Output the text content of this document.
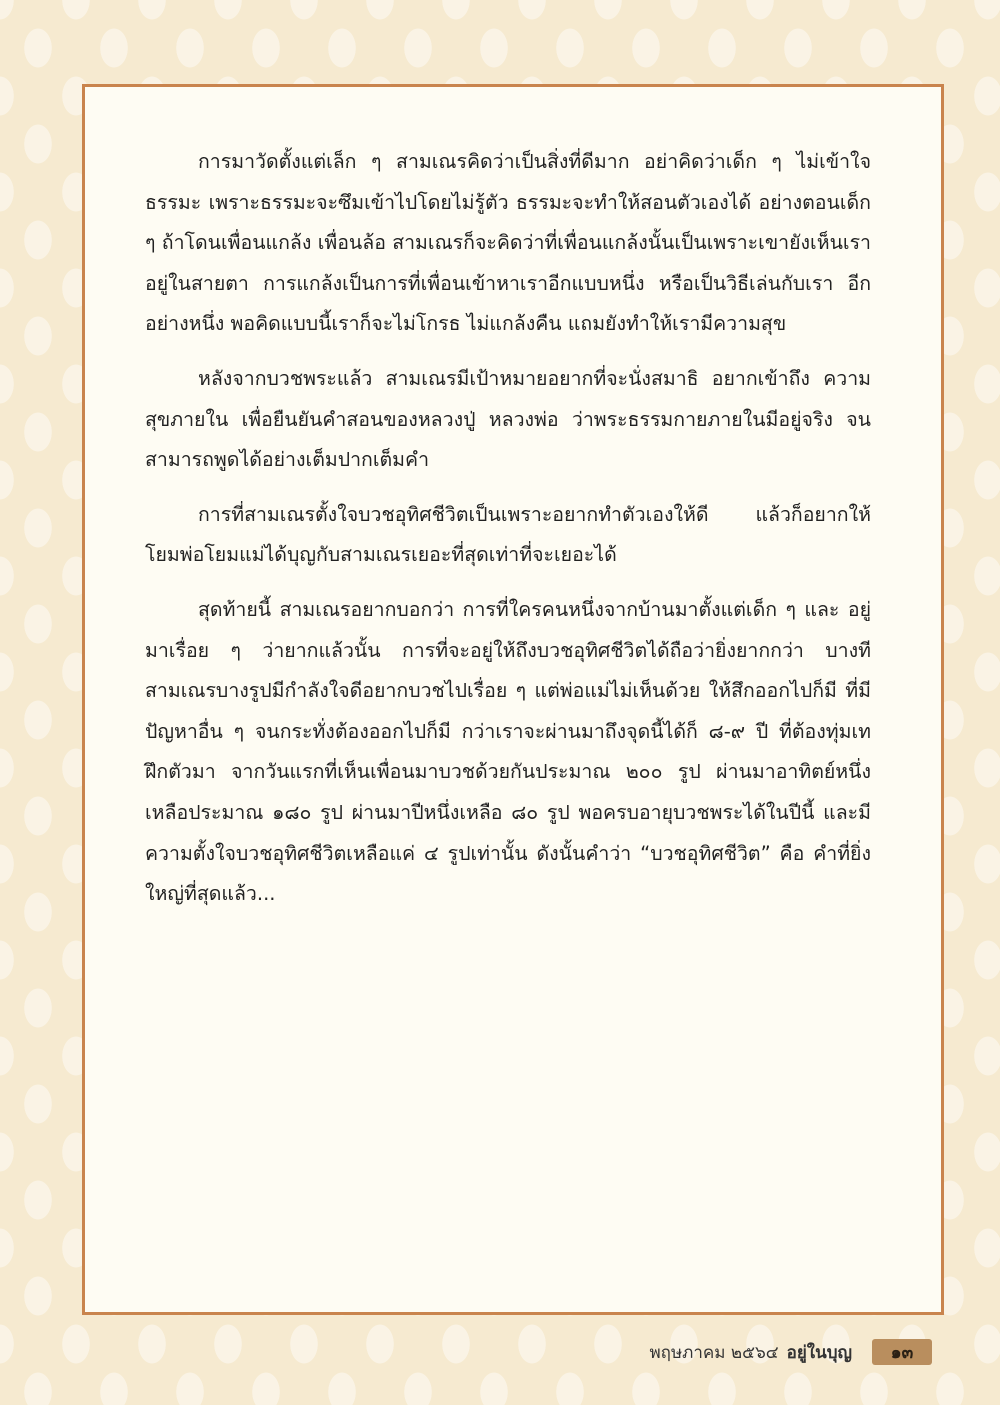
การมาวัดตั้งแต่เล็ก ๆ สามเณรคิดว่าเป็นสิ่งที่ดีมาก อย่าคิดว่าเด็ก ๆ ไม่เข้าใจธรรมะ เพราะธรรมะจะซึมเข้าไปโดยไม่รู้ตัว ธรรมะจะทำให้สอนตัวเองได้ อย่างตอนเด็ก ๆ ถ้าโดนเพื่อนแกล้ง เพื่อนล้อ สามเณรก็จะคิดว่าที่เพื่อนแกล้งนั้นเป็นเพราะเขายังเห็นเรา อยู่ในสายตา การแกล้งเป็นการที่เพื่อนเข้าหาเราอีกแบบหนึ่ง หรือเป็นวิธีเล่นกับเรา อีกอย่างหนึ่ง พอคิดแบบนี้เราก็จะไม่โกรธ ไม่แกล้งคืน แถมยังทำให้เรามีความสุข

หลังจากบวชพระแล้ว สามเณรมีเป้าหมายอยากที่จะนั่งสมาธิ อยากเข้าถึง ความสุขภายใน เพื่อยืนยันคำสอนของหลวงปู่ หลวงพ่อ ว่าพระธรรมกายภายในมีอยู่จริง จนสามารถพูดได้อย่างเต็มปากเต็มคำ

การที่สามเณรตั้งใจบวชอุทิศชีวิตเป็นเพราะอยากทำตัวเองให้ดี แล้วก็อยากให้ โยมพ่อโยมแม่ได้บุญกับสามเณรเยอะที่สุดเท่าที่จะเยอะได้

สุดท้ายนี้ สามเณรอยากบอกว่า การที่ใครคนหนึ่งจากบ้านมาตั้งแต่เด็ก ๆ และ อยู่มาเรื่อย ๆ ว่ายากแล้วนั้น การที่จะอยู่ให้ถึงบวชอุทิศชีวิตได้ถือว่ายิ่งยากกว่า บางที สามเณรบางรูปมีกำลังใจดีอยากบวชไปเรื่อย ๆ แต่พ่อแม่ไม่เห็นด้วย ให้สึกออกไปก็มี ที่มีปัญหาอื่น ๆ จนกระทั่งต้องออกไปก็มี กว่าเราจะผ่านมาถึงจุดนี้ได้ก็ ๘-๙ ปี ที่ต้องทุ่มเท ฝึกตัวมา จากวันแรกที่เห็นเพื่อนมาบวชด้วยกันประมาณ ๒๐๐ รูป ผ่านมาอาทิตย์หนึ่ง เหลือประมาณ ๑๘๐ รูป ผ่านมาปีหนึ่งเหลือ ๘๐ รูป พอครบอายุบวชพระได้ในปีนี้ และมีความตั้งใจบวชอุทิศชีวิตเหลือแค่ ๔ รูปเท่านั้น ดังนั้นคำว่า “บวชอุทิศชีวิต” คือ คำที่ยิ่งใหญ่ที่สุดแล้ว...

พฤษภาคม ๒๕๖๔ อยู่ในบุญ	๑๓
